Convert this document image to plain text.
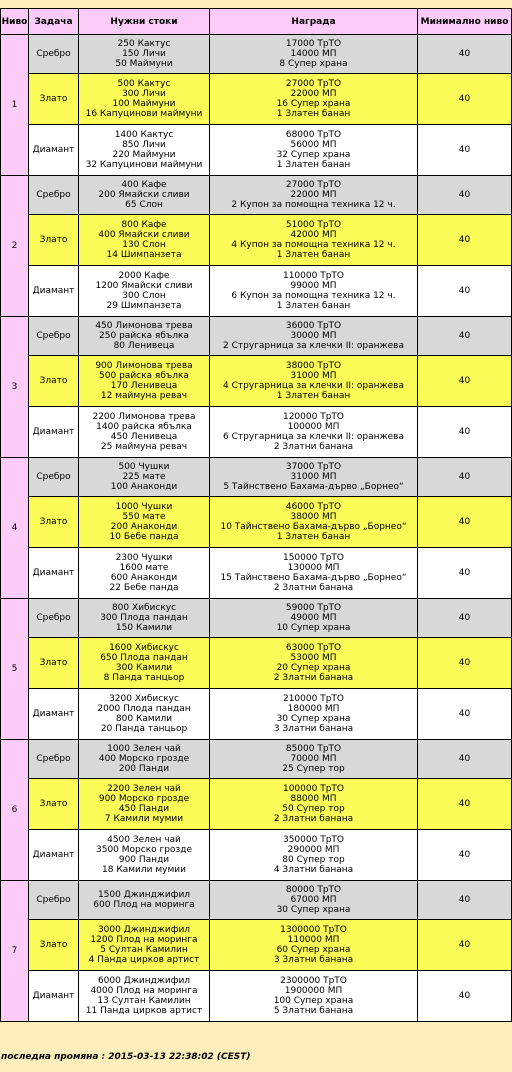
Ниво	Задача	Нужни стоки	Награда	Минимално ниво
1	Сребро	250 Кактус
150 Личи
50 Маймуни	17000 ТрТО
14000 МП
8 Супер храна	40
	Злато	500 Кактус
300 Личи
100 Маймуни
16 Капуцинови маймуни	27000 ТрТО
22000 МП
16 Супер храна
1 Златен банан	40
	Диамант	1400 Кактус
850 Личи
220 Маймуни
32 Капуцинови маймуни	68000 ТрТО
56000 МП
32 Супер храна
1 Златен банан	40
2	Сребро	400 Кафе
200 Ямайски сливи
65 Слон	27000 ТрТО
22000 МП
2 Купон за помощна техника 12 ч.	40
	Злато	800 Кафе
400 Ямайски сливи
130 Слон
14 Шимпанзета	51000 ТрТО
42000 МП
4 Купон за помощна техника 12 ч.
1 Златен банан	40
	Диамант	2000 Кафе
1200 Ямайски сливи
300 Слон
29 Шимпанзета	110000 ТрТО
99000 МП
6 Купон за помощна техника 12 ч.
1 Златен банан	40
3	Сребро	450 Лимонова трева
250 райска ябълка
80 Ленивеца	36000 ТрТО
30000 МП
2 Стругарница за клечки II: оранжева	40
	Злато	900 Лимонова трева
500 райска ябълка
170 Ленивеца
12 маймуна ревач	38000 ТрТО
31000 МП
4 Стругарница за клечки II: оранжева
1 Златен банан	40
	Диамант	2200 Лимонова трева
1400 райска ябълка
450 Ленивеца
25 маймуна ревач	120000 ТрТО
100000 МП
6 Стругарница за клечки II: оранжева
2 Златни банана	40
4	Сребро	500 Чушки
225 мате
100 Анаконди	37000 ТрТО
31000 МП
5 Тайнствено Бахама-дърво „Борнео“	40
	Злато	1000 Чушки
550 мате
200 Анаконди
10 Бебе панда	46000 ТрТО
38000 МП
10 Тайнствено Бахама-дърво „Борнео“
1 Златен банан	40
	Диамант	2300 Чушки
1600 мате
600 Анаконди
22 Бебе панда	150000 ТрТО
130000 МП
15 Тайнствено Бахама-дърво „Борнео“
2 Златни банана	40
5	Сребро	800 Хибискус
300 Плода пандан
150 Камили	59000 ТрТО
49000 МП
10 Супер храна	40
	Злато	1600 Хибискус
650 Плода пандан
300 Камили
8 Панда танцьор	63000 ТрТО
53000 МП
20 Супер храна
2 Златни банана	40
	Диамант	3200 Хибискус
2000 Плода пандан
800 Камили
20 Панда танцьор	210000 ТрТО
180000 МП
30 Супер храна
3 Златни банана	40
6	Сребро	1000 Зелен чай
400 Морско грозде
200 Панди	85000 ТрТО
70000 МП
25 Супер тор	40
	Злато	2200 Зелен чай
900 Морско грозде
450 Панди
7 Камили мумии	100000 ТрТО
88000 МП
50 Супер тор
2 Златни банана	40
	Диамант	4500 Зелен чай
3500 Морско грозде
900 Панди
18 Камили мумии	350000 ТрТО
290000 МП
80 Супер тор
4 Златни банана	40
7	Сребро	1500 Джинджифил
600 Плод на моринга	80000 ТрТО
67000 МП
30 Супер храна	40
	Злато	3000 Джинджифил
1200 Плод на моринга
5 Султан Камилин
4 Панда цирков артист	1300000 ТрТО
110000 МП
60 Супер храна
3 Златни банана	40
	Диамант	6000 Джинджифил
4000 Плод на моринга
13 Султан Камилин
11 Панда цирков артист	2300000 ТрТО
1900000 МП
100 Супер храна
5 Златни банана	40
последна промяна : 2015-03-13 22:38:02 (CEST)
